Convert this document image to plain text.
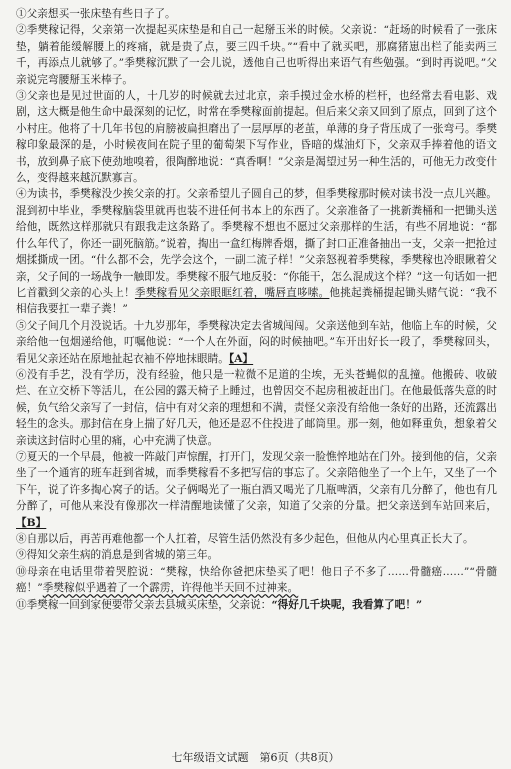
①父亲想买一张床垫有些日子了。

②季樊稼记得，父亲第一次提起买床垫是和自己一起掰玉米的时候。父亲说：“赶场的时候看了一张床垫，躺着能缓解腰上的疼痛，就是贵了点，要三四千块。”“看中了就买吧，那腐猪崽出栏了能卖两三千，再添点儿就够了。”季樊稼沉默了一会儿说，透他自己也听得出来语气有些勉强。“到时再说吧。”父亲说完弯腰掰玉米棒子。

③父亲也是见过世面的人，十几岁的时候就去过北京，亲手摸过金水桥的栏杆，也经常去看电影、戏剧，这大概是他生命中最深刻的记忆，时常在季樊稼面前提起。但后来父亲又回到了原点，回到了这个小村庄。他将了十几年书包的肩膀被扁担磨出了一层厚厚的老茧，单薄的身子背压成了一张弯弓。季樊稼印象最深的是，小时候夜间在院子里的葡萄架下写作业，昏暗的煤油灯下，父亲双手捧着他的语文书，放到鼻子底下使劲地嗅着，很陶醉地说：“真香啊！”父亲是渴望过另一种生活的，可他无力改变什么，变得越来越沉默寡言。

④为读书，季樊稼没少挨父亲的打。父亲希望儿子圆自己的梦，但季樊稼那时候对读书没一点儿兴趣。混到初中毕业，季樊稼脑袋里就再也装不进任何书本上的东西了。父亲准备了一挑新粪桶和一把锄头送给他，既然这样那就只有跟我走这条路了。季樊稼不想也不愿过父亲那样的生活，有些不屑地说：“都什么年代了，你还一副死脑筋。”说着，掏出一盒红梅牌香烟，撕了封口正准备抽出一支，父亲一把抢过烟揉撕成一团。“什么都不会，先学会这个，一副二流子样！”父亲怒视着季樊稼，季樊稼也冷眼瞅着父亲，父子间的一场战争一触即发。季樊稼不服气地反驳：“你能干，怎么混成这个样？”这一句话如一把匕首戳到父亲的心头上！季樊稼看见父亲眼眶红着，嘴唇直哆嗦。他挑起粪桶提起锄头赌气说：“我不相信我要扛一辈子粪！”

⑤父子间几个月没说话。十九岁那年，季樊稼决定去省城闯闯。父亲送他到车站，他临上车的时候，父亲给他一包烟递给他，叮嘱他说：“一个人在外面，闷的时候抽吧。”车开出好长一段了，季樊稼回头，看见父亲还站在原地扯起衣袖不停地抹眼睛。【A】

⑥没有手艺，没有学历，没有经验，他只是一粒微不足道的尘埃，无头苍蝇似的乱撞。他搬砖、收破烂、在立交桥下等活儿，在公园的露天椅子上睡过，也曾因交不起房租被赶出门。在他最低落失意的时候，负气给父亲写了一封信，信中有对父亲的理想和不满，责怪父亲没有给他一条好的出路，还流露出轻生的念头。那封信在身上揣了好几天，他还是忍不住投进了邮筒里。那一刻，他如释重负，想象着父亲读这封信时心里的痛，心中充满了快意。

⑦夏天的一个早晨，他被一阵敲门声惊醒，打开门，发现父亲一脸憔悴地站在门外。接到他的信，父亲坐了一个通宵的班车赶到省城，而季樊稼看不多把写信的事忘了。父亲陪他坐了一个上午，又坐了一个下午，说了许多掏心窝子的话。父子俩喝光了一瓶白酒又喝光了几瓶啤酒，父亲有几分醉了，他也有几分醉了，可他从来没有像那次一样清醒地读懂了父亲，知道了父亲的分量。把父亲送到车站回来后，【B】

⑧自那以后，再苦再难他都一个人扛着，尽管生活仍然没有多少起色，但他从内心里真正长大了。

⑨得知父亲生病的消息是到省城的第三年。

⑩母亲在电话里带着哭腔说：“樊稼，快给你爸把床垫买了吧！他日子不多了……骨髓癌……”“骨髓癌！”季樊稼似乎遇着了一个霹雳，许得他半天回不过神来。

⑪季樊稼一回到家便要带父亲去县城买床垫，父亲说：“得好几千块呢，我看算了吧！”

七年级语文试题　第6页（共8页）
